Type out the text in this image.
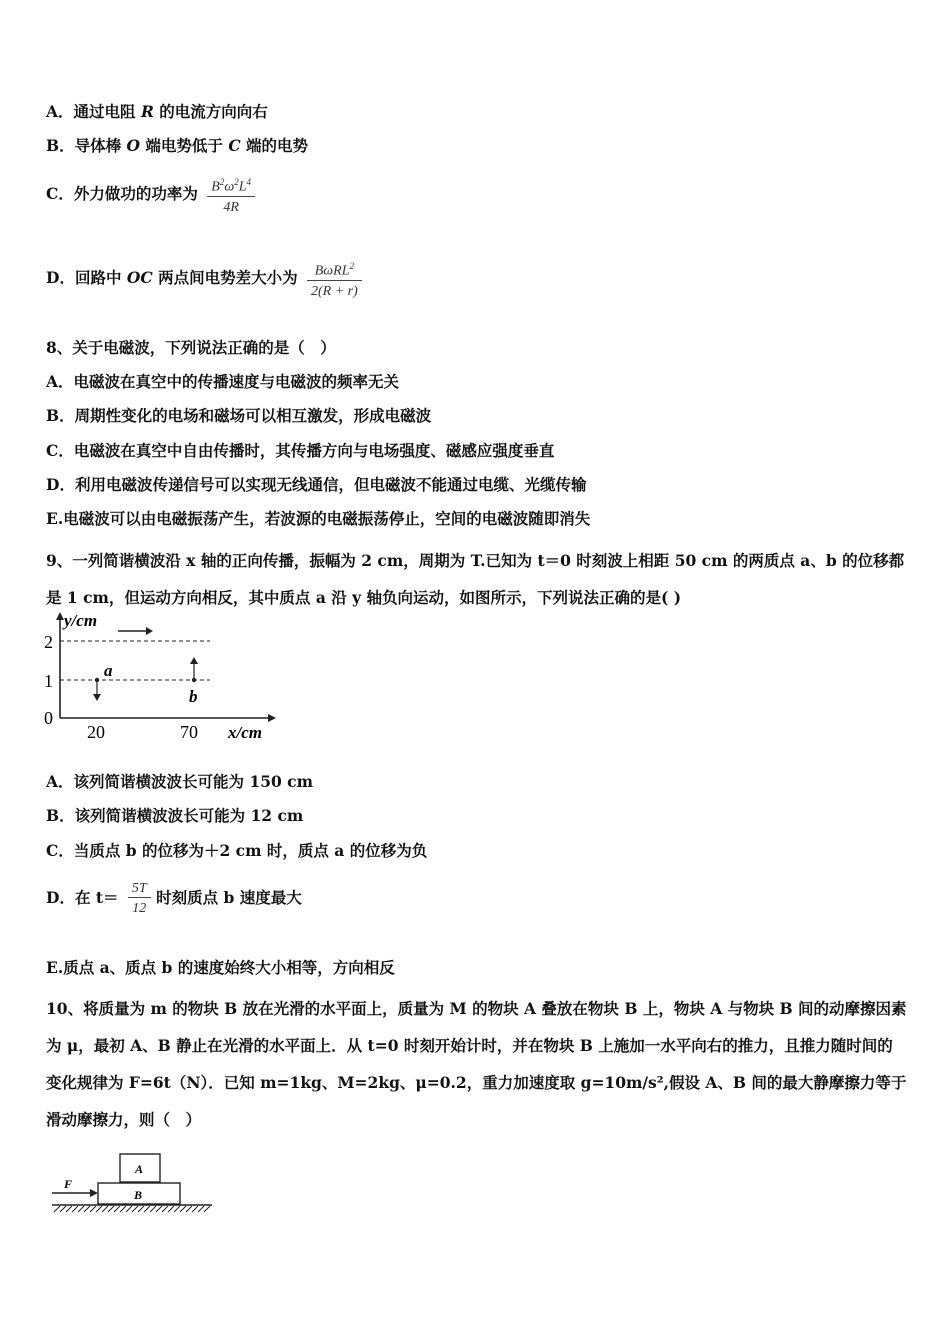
A．通过电阻 R 的电流方向向右
B．导体棒 O 端电势低于 C 端的电势
C．外力做功的功率为 $\frac{B^2\omega^2L^4}{4R}$
D．回路中 OC 两点间电势差大小为 $\frac{B\omega RL^2}{2(R + r)}$
8、关于电磁波，下列说法正确的是（　）
A．电磁波在真空中的传播速度与电磁波的频率无关
B．周期性变化的电场和磁场可以相互激发，形成电磁波
C．电磁波在真空中自由传播时，其传播方向与电场强度、磁感应强度垂直
D．利用电磁波传递信号可以实现无线通信，但电磁波不能通过电缆、光缆传输
E.电磁波可以由电磁振荡产生，若波源的电磁振荡停止，空间的电磁波随即消失
9、一列简谐横波沿 x 轴的正向传播，振幅为 2 cm，周期为 T.已知为 t＝0 时刻波上相距 50 cm 的两质点 a、b 的位移都是 1 cm，但运动方向相反，其中质点 a 沿 y 轴负向运动，如图所示，下列说法正确的是( )
y/cm
x/cm
2
1
0
20	70
a
b
A．该列简谐横波波长可能为 150 cm
B．该列简谐横波波长可能为 12 cm
C．当质点 b 的位移为＋2 cm 时，质点 a 的位移为负
D．在 $t= \frac{5T}{12}$ 时刻质点 b 速度最大
E.质点 a、质点 b 的速度始终大小相等，方向相反
10、将质量为 m 的物块 B 放在光滑的水平面上，质量为 M 的物块 A 叠放在物块 B 上，物块 A 与物块 B 间的动摩擦因素为 μ，最初 A、B 静止在光滑的水平面上．从 t=0 时刻开始计时，并在物块 B 上施加一水平向右的推力，且推力随时间的变化规律为 F=6t（N）．已知 m=1kg、M=2kg、μ=0.2，重力加速度取 g=10m/s²,假设 A、B 间的最大静摩擦力等于滑动摩擦力，则（　）
A
B
F
